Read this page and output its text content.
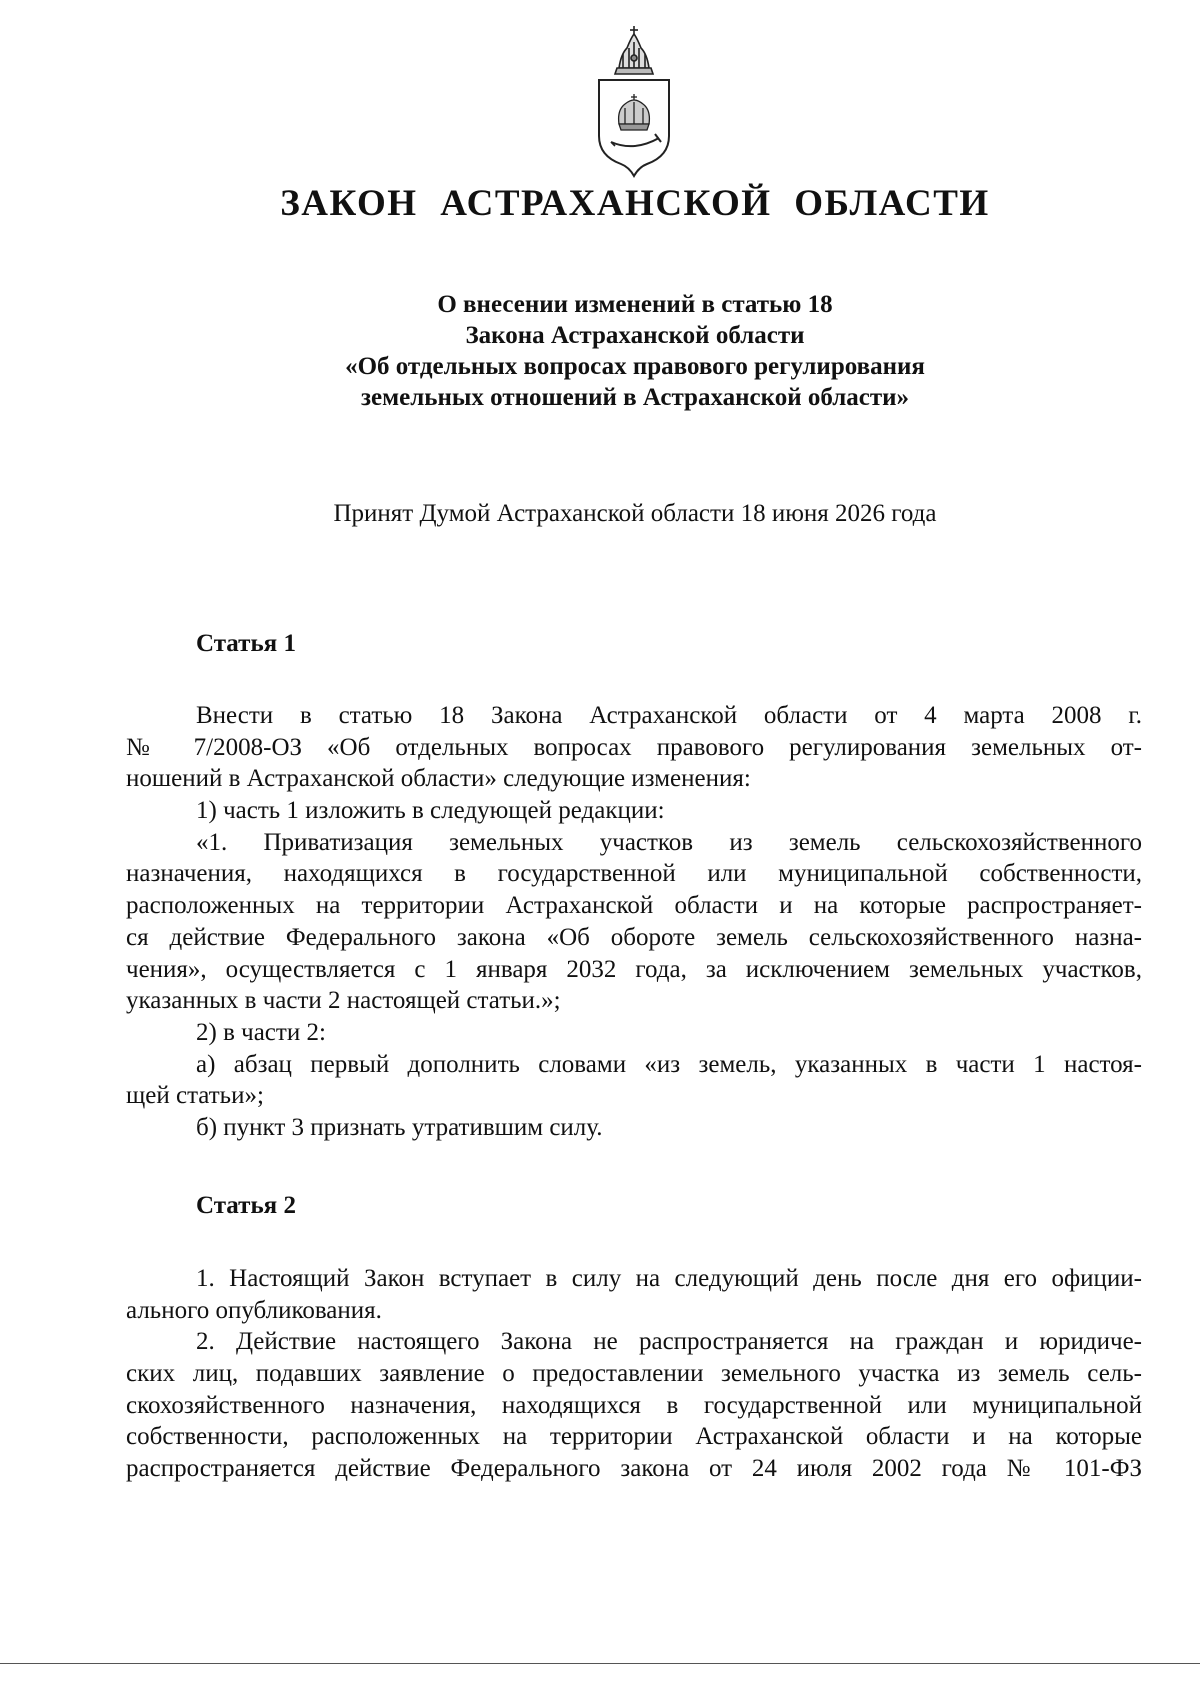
ЗАКОН АСТРАХАНСКОЙ ОБЛАСТИ
О внесении изменений в статью 18
Закона Астраханской области
«Об отдельных вопросах правового регулирования
земельных отношений в Астраханской области»

Принят Думой Астраханской области 18 июня 2026 года

Статья 1
Внести в статью 18 Закона Астраханской области от 4 марта 2008 г.
№ 7/2008-ОЗ «Об отдельных вопросах правового регулирования земельных от-
ношений в Астраханской области» следующие изменения:
1) часть 1 изложить в следующей редакции:
«1. Приватизация земельных участков из земель сельскохозяйственного
назначения, находящихся в государственной или муниципальной собственности,
расположенных на территории Астраханской области и на которые распространяет-
ся действие Федерального закона «Об обороте земель сельскохозяйственного назна-
чения», осуществляется с 1 января 2032 года, за исключением земельных участков,
указанных в части 2 настоящей статьи.»;
2) в части 2:
а) абзац первый дополнить словами «из земель, указанных в части 1 настоя-
щей статьи»;
б) пункт 3 признать утратившим силу.
Статья 2
1. Настоящий Закон вступает в силу на следующий день после дня его официи-
ального опубликования.
2. Действие настоящего Закона не распространяется на граждан и юридиче-
ских лиц, подавших заявление о предоставлении земельного участка из земель сель-
скохозяйственного назначения, находящихся в государственной или муниципальной
собственности, расположенных на территории Астраханской области и на которые
распространяется действие Федерального закона от 24 июля 2002 года № 101-ФЗ
